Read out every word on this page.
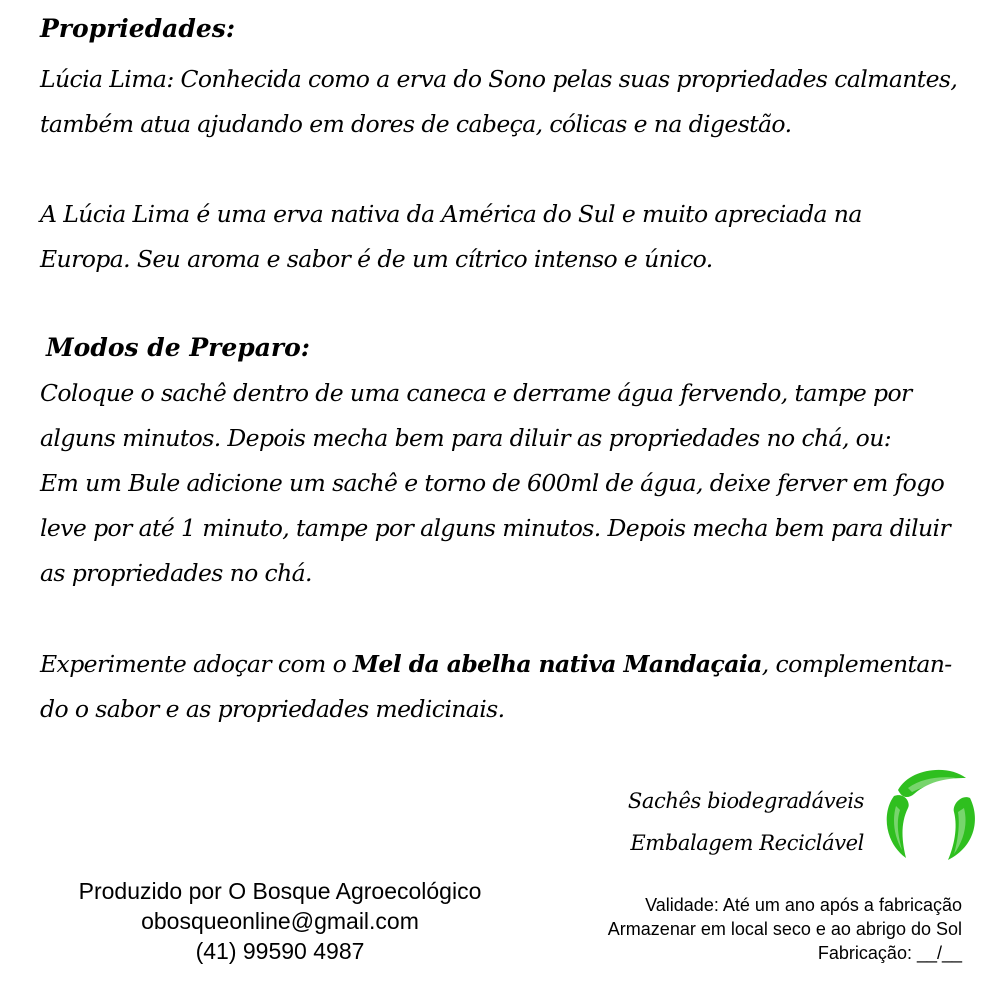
Propriedades:

Lúcia Lima: Conhecida como a erva do Sono pelas suas propriedades calmantes,
também atua ajudando em dores de cabeça, cólicas e na digestão.

A Lúcia Lima é uma erva nativa da América do Sul e muito apreciada na
Europa. Seu aroma e sabor é de um cítrico intenso e único.

Modos de Preparo:

Coloque o sachê dentro de uma caneca e derrame água fervendo, tampe por
alguns minutos. Depois mecha bem para diluir as propriedades no chá, ou:
Em um Bule adicione um sachê e torno de 600ml de água, deixe ferver em fogo
leve por até 1 minuto, tampe por alguns minutos. Depois mecha bem para diluir
as propriedades no chá.

Experimente adoçar com o Mel da abelha nativa Mandaçaia, complementan-
do o sabor e as propriedades medicinais.

Sachês biodegradáveis
Embalagem Reciclável
Produzido por O Bosque Agroecológico
obosqueonline@gmail.com
(41) 99590 4987
Validade: Até um ano após a fabricação
Armazenar em local seco e ao abrigo do Sol
Fabricação: __/__
